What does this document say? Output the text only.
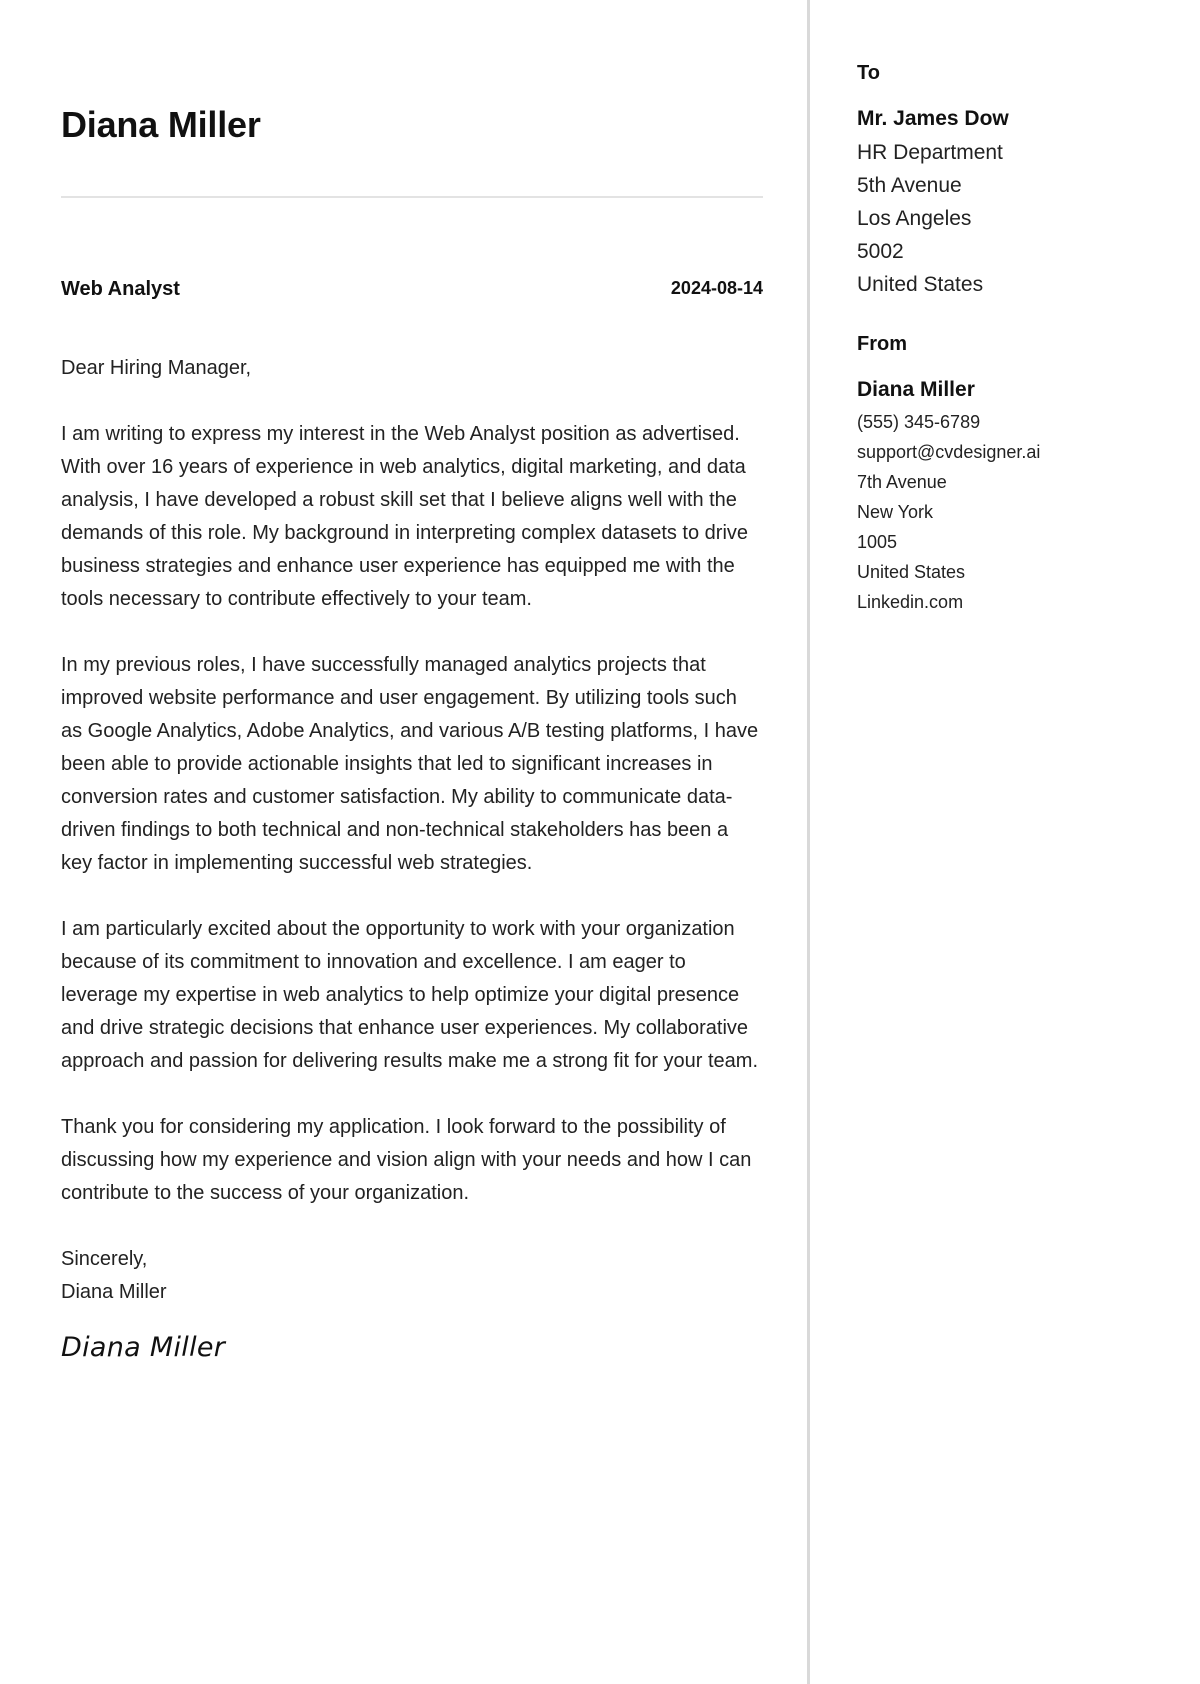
Diana Miller
Web Analyst	2024-08-14

Dear Hiring Manager,

I am writing to express my interest in the Web Analyst position as advertised. With over 16 years of experience in web analytics, digital marketing, and data analysis, I have developed a robust skill set that I believe aligns well with the demands of this role. My background in interpreting complex datasets to drive business strategies and enhance user experience has equipped me with the tools necessary to contribute effectively to your team.

In my previous roles, I have successfully managed analytics projects that improved website performance and user engagement. By utilizing tools such as Google Analytics, Adobe Analytics, and various A/B testing platforms, I have been able to provide actionable insights that led to significant increases in conversion rates and customer satisfaction. My ability to communicate data-driven findings to both technical and non-technical stakeholders has been a key factor in implementing successful web strategies.

I am particularly excited about the opportunity to work with your organization because of its commitment to innovation and excellence. I am eager to leverage my expertise in web analytics to help optimize your digital presence and drive strategic decisions that enhance user experiences. My collaborative approach and passion for delivering results make me a strong fit for your team.

Thank you for considering my application. I look forward to the possibility of discussing how my experience and vision align with your needs and how I can contribute to the success of your organization.

Sincerely,
Diana Miller
Diana Miller
To
Mr. James Dow
HR Department
5th Avenue
Los Angeles
5002
United States
From
Diana Miller
(555) 345-6789
support@cvdesigner.ai
7th Avenue
New York
1005
United States
Linkedin.com
